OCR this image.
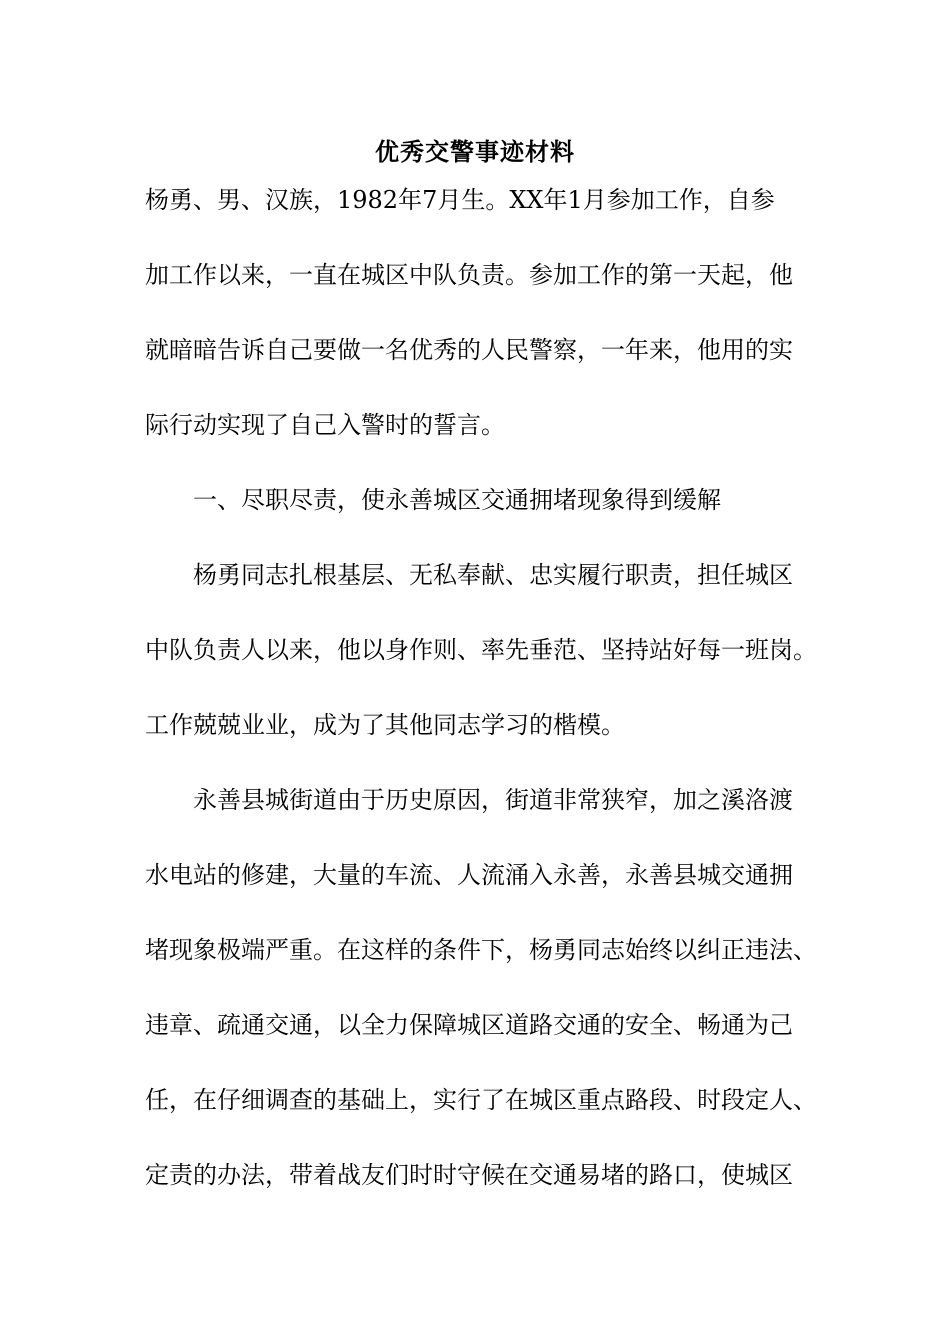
优秀交警事迹材料
杨勇、男、汉族，1982年7月生。XX年1月参加工作，自参
加工作以来，一直在城区中队负责。参加工作的第一天起，他
就暗暗告诉自己要做一名优秀的人民警察，一年来，他用的实
际行动实现了自己入警时的誓言。
　　一、尽职尽责，使永善城区交通拥堵现象得到缓解
　　杨勇同志扎根基层、无私奉献、忠实履行职责，担任城区
中队负责人以来，他以身作则、率先垂范、坚持站好每一班岗。
工作兢兢业业，成为了其他同志学习的楷模。
　　永善县城街道由于历史原因，街道非常狭窄，加之溪洛渡
水电站的修建，大量的车流、人流涌入永善，永善县城交通拥
堵现象极端严重。在这样的条件下，杨勇同志始终以纠正违法、
违章、疏通交通，以全力保障城区道路交通的安全、畅通为己
任，在仔细调查的基础上，实行了在城区重点路段、时段定人、
定责的办法，带着战友们时时守候在交通易堵的路口，使城区
